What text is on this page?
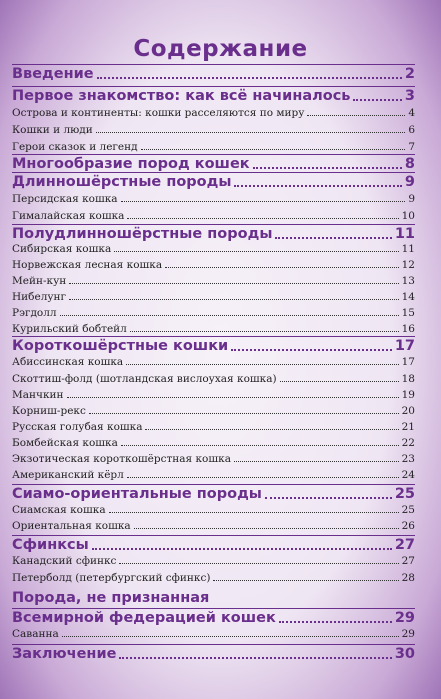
Содержание
Введение	2
Первое знакомство: как всё начиналось	3
Острова и континенты: кошки расселяются по миру	4
Кошки и люди	6
Герои сказок и легенд	7
Многообразие пород кошек	8
Длинношёрстные породы	9
Персидская кошка	9
Гималайская кошка	10
Полудлинношёрстные породы	11
Сибирская кошка	11
Норвежская лесная кошка	12
Мейн-кун	13
Нибелунг	14
Рэгдолл	15
Курильский бобтейл	16
Короткошёрстные кошки	17
Абиссинская кошка	17
Скоттиш-фолд (шотландская вислоухая кошка)	18
Манчкин	19
Корниш-рекс	20
Русская голубая кошка	21
Бомбейская кошка	22
Экзотическая короткошёрстная кошка	23
Американский кёрл	24
Сиамо-ориентальные породы	25
Сиамская кошка	25
Ориентальная кошка	26
Сфинксы	27
Канадский сфинкс	27
Петерболд (петербургский сфинкс)	28
Порода, не признанная
Всемирной федерацией кошек	29
Саванна	29
Заключение	30
